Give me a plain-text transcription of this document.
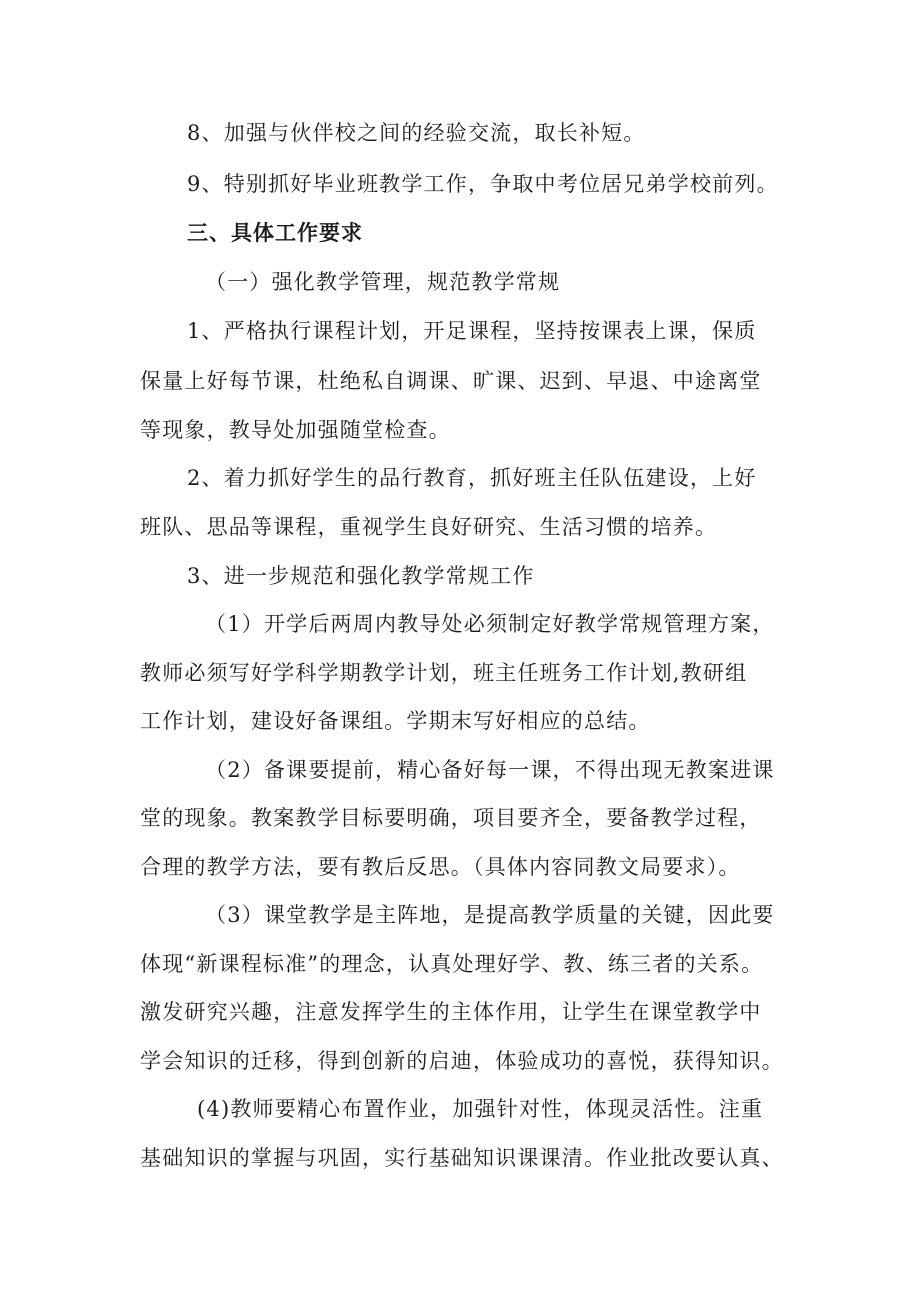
8、加强与伙伴校之间的经验交流，取长补短。
9、特别抓好毕业班教学工作，争取中考位居兄弟学校前列。
三、具体工作要求
（一）强化教学管理，规范教学常规
1、严格执行课程计划，开足课程，坚持按课表上课，保质
保量上好每节课，杜绝私自调课、旷课、迟到、早退、中途离堂
等现象，教导处加强随堂检查。
2、着力抓好学生的品行教育，抓好班主任队伍建设，上好
班队、思品等课程，重视学生良好研究、生活习惯的培养。
3、进一步规范和强化教学常规工作
（1）开学后两周内教导处必须制定好教学常规管理方案，
教师必须写好学科学期教学计划，班主任班务工作计划,教研组
工作计划，建设好备课组。学期末写好相应的总结。
（2）备课要提前，精心备好每一课，不得出现无教案进课
堂的现象。教案教学目标要明确，项目要齐全，要备教学过程，
合理的教学方法，要有教后反思。（具体内容同教文局要求）。
（3）课堂教学是主阵地，是提高教学质量的关键，因此要
体现“新课程标准”的理念，认真处理好学、教、练三者的关系。
激发研究兴趣，注意发挥学生的主体作用，让学生在课堂教学中
学会知识的迁移，得到创新的启迪，体验成功的喜悦，获得知识。
(4)教师要精心布置作业，加强针对性，体现灵活性。注重
基础知识的掌握与巩固，实行基础知识课课清。作业批改要认真、
